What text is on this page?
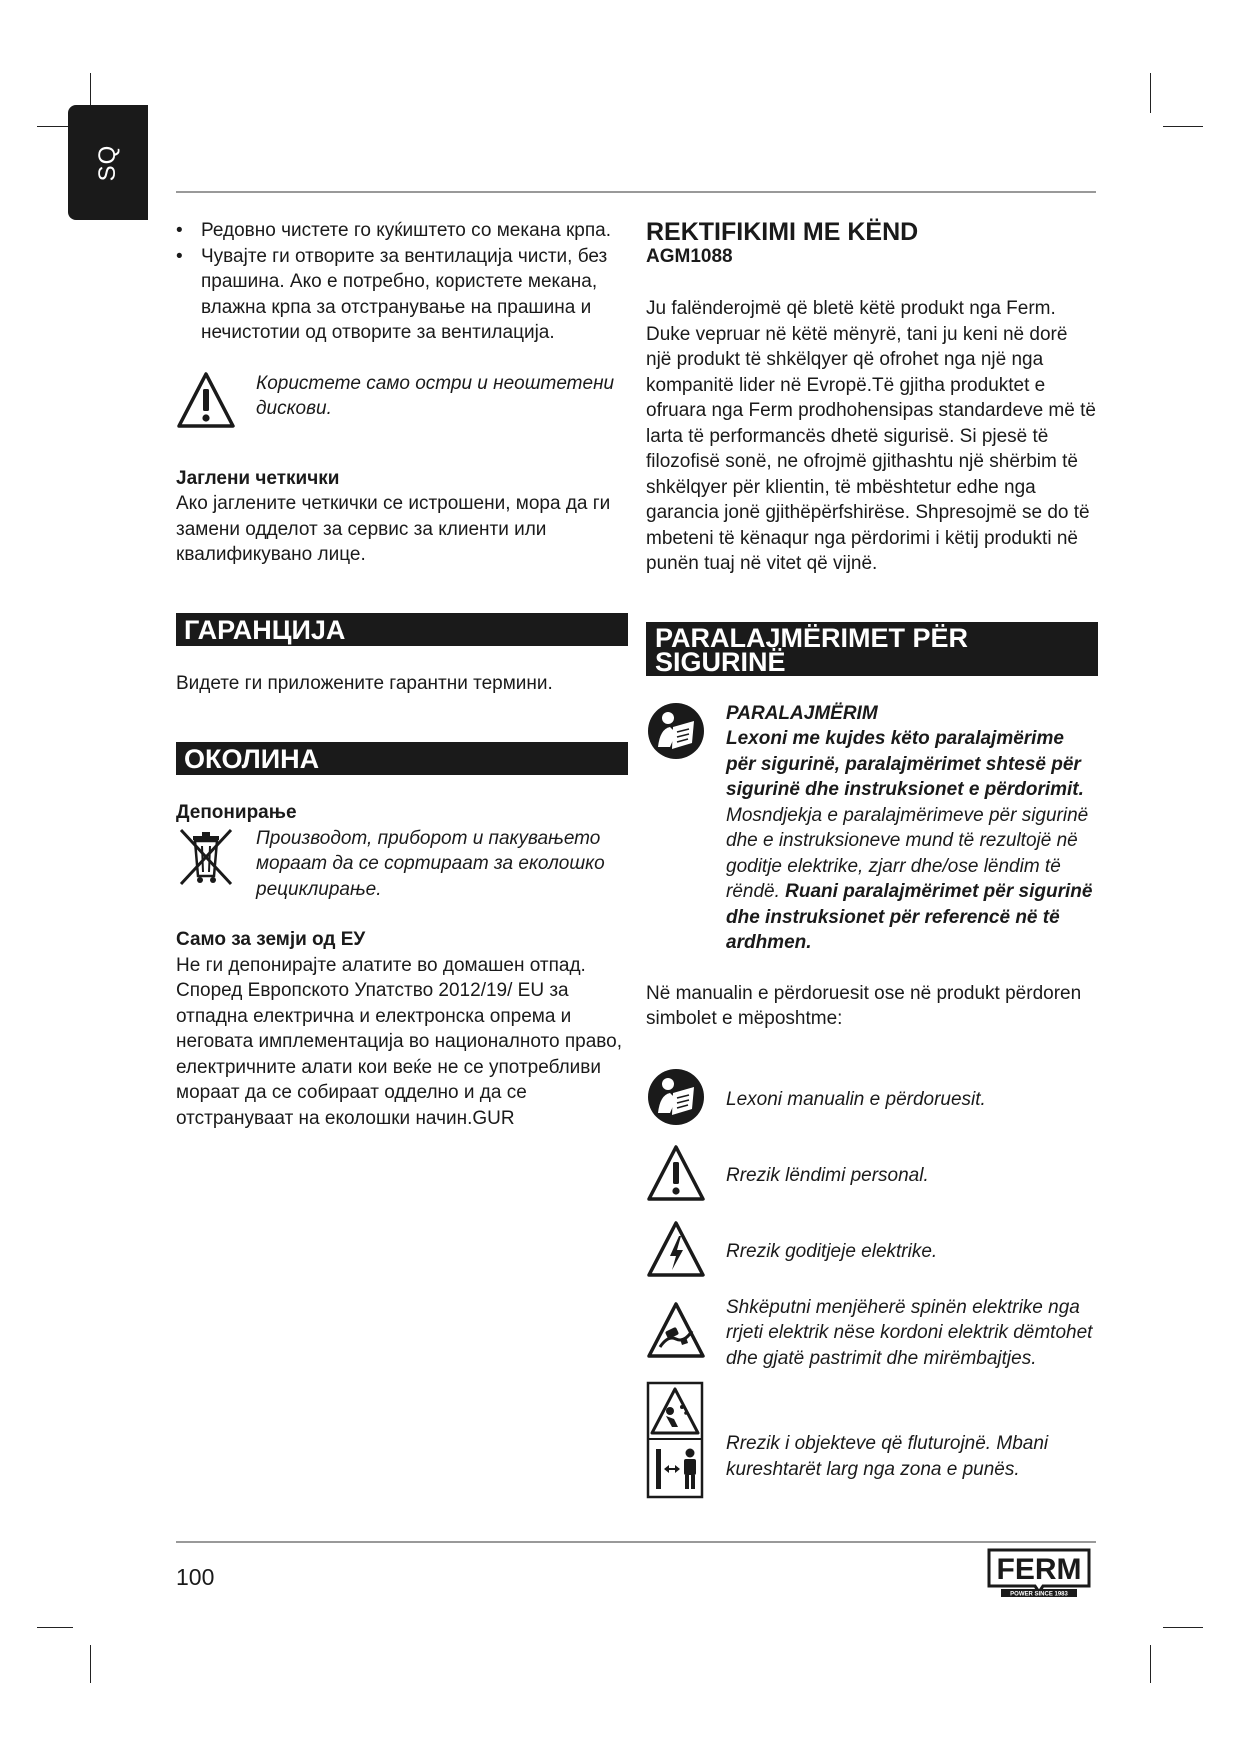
SQ
• Редовно чистете го куќиштето со мекана крпа.
• Чувајте ги отворите за вентилација чисти, без прашина. Ако е потребно, користете мекана, влажна крпа за отстранување на прашина и нечистотии од отворите за вентилација.

Користете само остри и неоштетени дискови.

Јаглени четкички

Ако јаглените четкички се истрошени, мора да ги замени одделот за сервис за клиенти или квалификувано лице.

ГАРАНЦИЈА

Видете ги приложените гарантни термини.

ОКОЛИНА

Депонирање

Производот, приборот и пакувањето мораат да се сортираат за еколошко рециклирање.

Само за земји од ЕУ

Не ги депонирајте алатите во домашен отпад. Според Европското Упатство 2012/19/ EU за отпадна електрична и електронска опрема и неговата имплементација во националното право, електричните алати кои веќе не се употребливи мораат да се собираат одделно и да се отстрануваат на еколошки начин.GUR

REKTIFIKIMI ME KËND

AGM1088

Ju falënderojmë që bletë këtë produkt nga Ferm. Duke vepruar në këtë mënyrë, tani ju keni në dorë një produkt të shkëlqyer që ofrohet nga një nga kompanitë lider në Evropë.Të gjitha produktet e ofruara nga Ferm prodhohensipas standardeve më të larta të performancës dhetë sigurisë. Si pjesë të filozofisë sonë, ne ofrojmë gjithashtu një shërbim të shkëlqyer për klientin, të mbështetur edhe nga garancia jonë gjithëpërfshirëse. Shpresojmë se do të mbeteni të kënaqur nga përdorimi i këtij produkti në punën tuaj në vitet që vijnë.

PARALAJMËRIMET PËR
SIGURINË

PARALAJMËRIM

Lexoni me kujdes këto paralajmërime për sigurinë, paralajmërimet shtesë për sigurinë dhe instruksionet e përdorimit. Mosndjekja e paralajmërimeve për sigurinë dhe e instruksioneve mund të rezultojë në goditje elektrike, zjarr dhe/ose lëndim të rëndë. Ruani paralajmërimet për sigurinë dhe instruksionet për referencë në të ardhmen.

Në manualin e përdoruesit ose në produkt përdoren simbolet e mëposhtme:

Lexoni manualin e përdoruesit.
Rrezik lëndimi personal.
Rrezik goditjeje elektrike.
Shkëputni menjëherë spinën elektrike nga rrjeti elektrik nëse kordoni elektrik dëmtohet dhe gjatë pastrimit dhe mirëmbajtjes.
Rrezik i objekteve që fluturojnë. Mbani kureshtarët larg nga zona e punës.
100	FERM
POWER SINCE 1983
